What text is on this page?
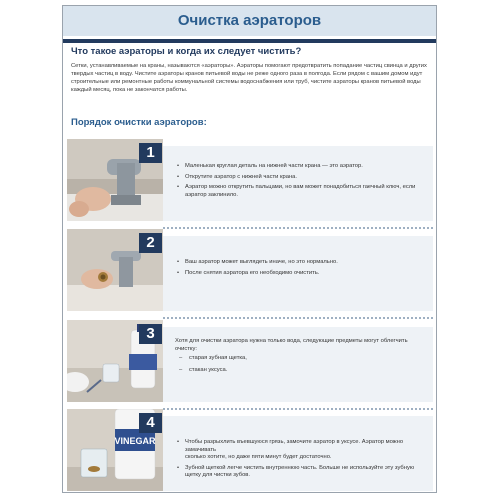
Очистка аэраторов
Что такое аэраторы и когда их следует чистить?

Сетки, устанавливаемые на краны, называются «аэраторы». Аэраторы помогают предотвратить попадание частиц свинца и других твердых частиц в воду. Чистите аэраторы кранов питьевой воды не реже одного раза в полгода. Если рядом с вашим домом идут строительные или ремонтные работы коммунальной системы водоснабжения или труб, чистите аэраторы кранов питьевой воды каждый месяц, пока не закончатся работы.

Порядок очистки аэраторов:
1
• Маленькая круглая деталь на нижней части крана — это аэратор.
• Открутите аэратор с нижней части крана.
• Аэратор можно открутить пальцами, но вам может понадобиться гаечный ключ, если аэратор заклинило.
2
• Ваш аэратор может выглядеть иначе, но это нормально.
• После снятия аэратора его необходимо очистить.
3	Хотя для очистки аэратора нужна только вода, следующие предметы могут облегчить очистку:

– старая зубная щетка,
– стакан уксуса.
VINEGAR
4
• Чтобы разрыхлить въевшуюся грязь, замочите аэратор в уксусе. Аэратор можно замачивать
сколько хотите, но даже пяти минут будет достаточно.
• Зубной щеткой легче чистить внутреннюю часть. Больше не используйте эту зубную щетку для чистки зубов.
